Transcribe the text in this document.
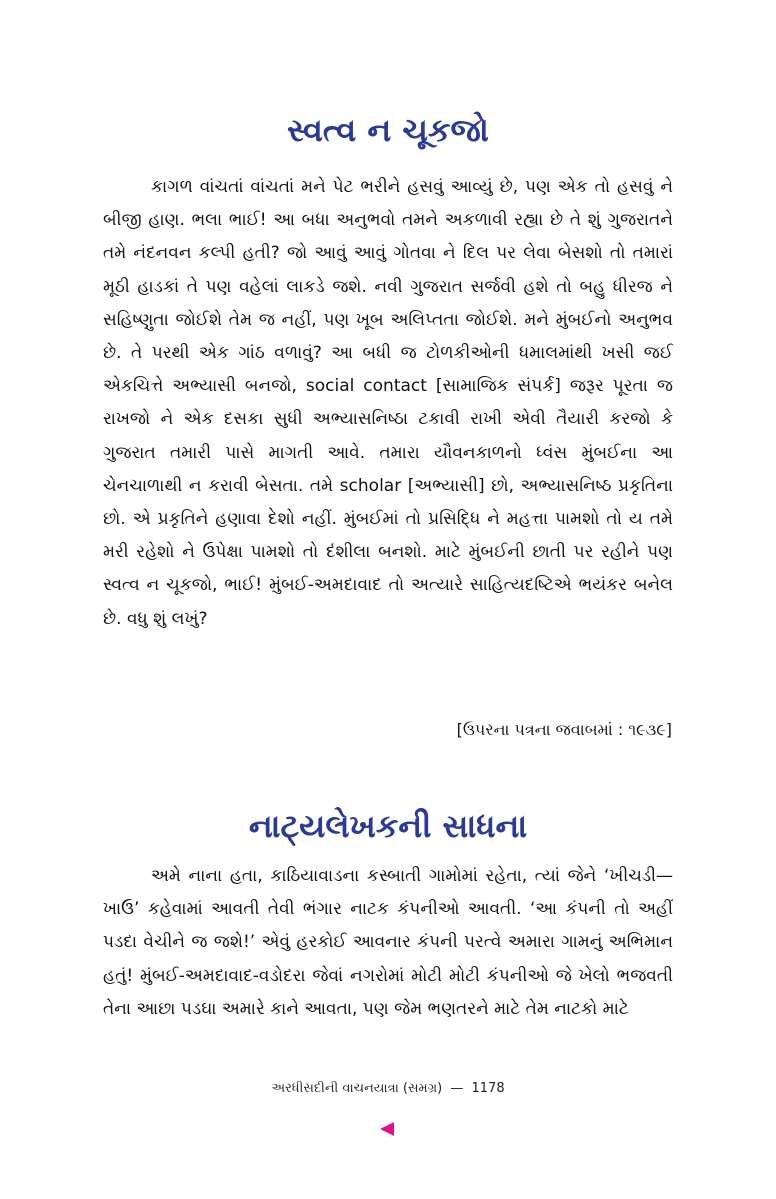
સ્વત્વ ન ચૂકજો

કાગળ વાંચતાં વાંચતાં મને પેટ ભરીને હસવું આવ્યું છે, પણ એક તો હસવું ને બીજી હાણ. ભલા ભાઈ! આ બધા અનુભવો તમને અકળાવી રહ્યા છે તે શું ગુજરાતને તમે નંદનવન કલ્પી હતી? જો આવું આવું ગોતવા ને દિલ પર લેવા બેસશો તો તમારાં મૂઠી હાડકાં તે પણ વહેલાં લાકડે જશે. નવી ગુજરાત સર્જવી હશે તો બહુ ધીરજ ને સહિષ્ણુતા જોઈશે તેમ જ નહીં, પણ ખૂબ અલિપ્તતા જોઈશે. મને મુંબઈનો અનુભવ છે. તે પરથી એક ગાંઠ વળાવું? આ બધી જ ટોળકીઓની ધમાલમાંથી ખસી જઈ એકચિત્તે અભ્યાસી બનજો, social contact [સામાજિક સંપર્ક] જરૂર પૂરતા જ રાખજો ને એક દસકા સુધી અભ્યાસનિષ્ઠા ટકાવી રાખી એવી તૈયારી કરજો કે ગુજરાત તમારી પાસે માગતી આવે. તમારા યૌવનકાળનો ધ્વંસ મુંબઈના આ ચેનચાળાથી ન કરાવી બેસતા. તમે scholar [અભ્યાસી] છો, અભ્યાસનિષ્ઠ પ્રકૃતિના છો. એ પ્રકૃતિને હણાવા દેશો નહીં. મુંબઈમાં તો પ્રસિદ્ધિ ને મહત્તા પામશો તો ય તમે મરી રહેશો ને ઉપેક્ષા પામશો તો દંશીલા બનશો. માટે મુંબઈની છાતી પર રહીને પણ સ્વત્વ ન ચૂકજો, ભાઈ! મુંબઈ-અમદાવાદ તો અત્યારે સાહિત્યદષ્ટિએ ભયંકર બનેલ છે. વધુ શું લખું?

[ઉપરના પત્રના જવાબમાં : ૧૯૩૯]

નાટ્યલેખકની સાધના

અમે નાના હતા, કાઠિયાવાડના કસ્બાતી ગામોમાં રહેતા, ત્યાં જેને ‘ખીચડી—ખાઉ’ કહેવામાં આવતી તેવી ભંગાર નાટક કંપનીઓ આવતી. ‘આ કંપની તો અહીં પડદા વેચીને જ જશે!’ એવું હરકોઈ આવનાર કંપની પરત્વે અમારા ગામનું અભિમાન હતું! મુંબઈ-અમદાવાદ-વડોદરા જેવાં નગરોમાં મોટી મોટી કંપનીઓ જે ખેલો ભજવતી તેના આછા પડઘા અમારે કાને આવતા, પણ જેમ ભણતરને માટે તેમ નાટકો માટે

અરધીસદીની વાચનયાત્રા (સમગ્ર) — 1178
